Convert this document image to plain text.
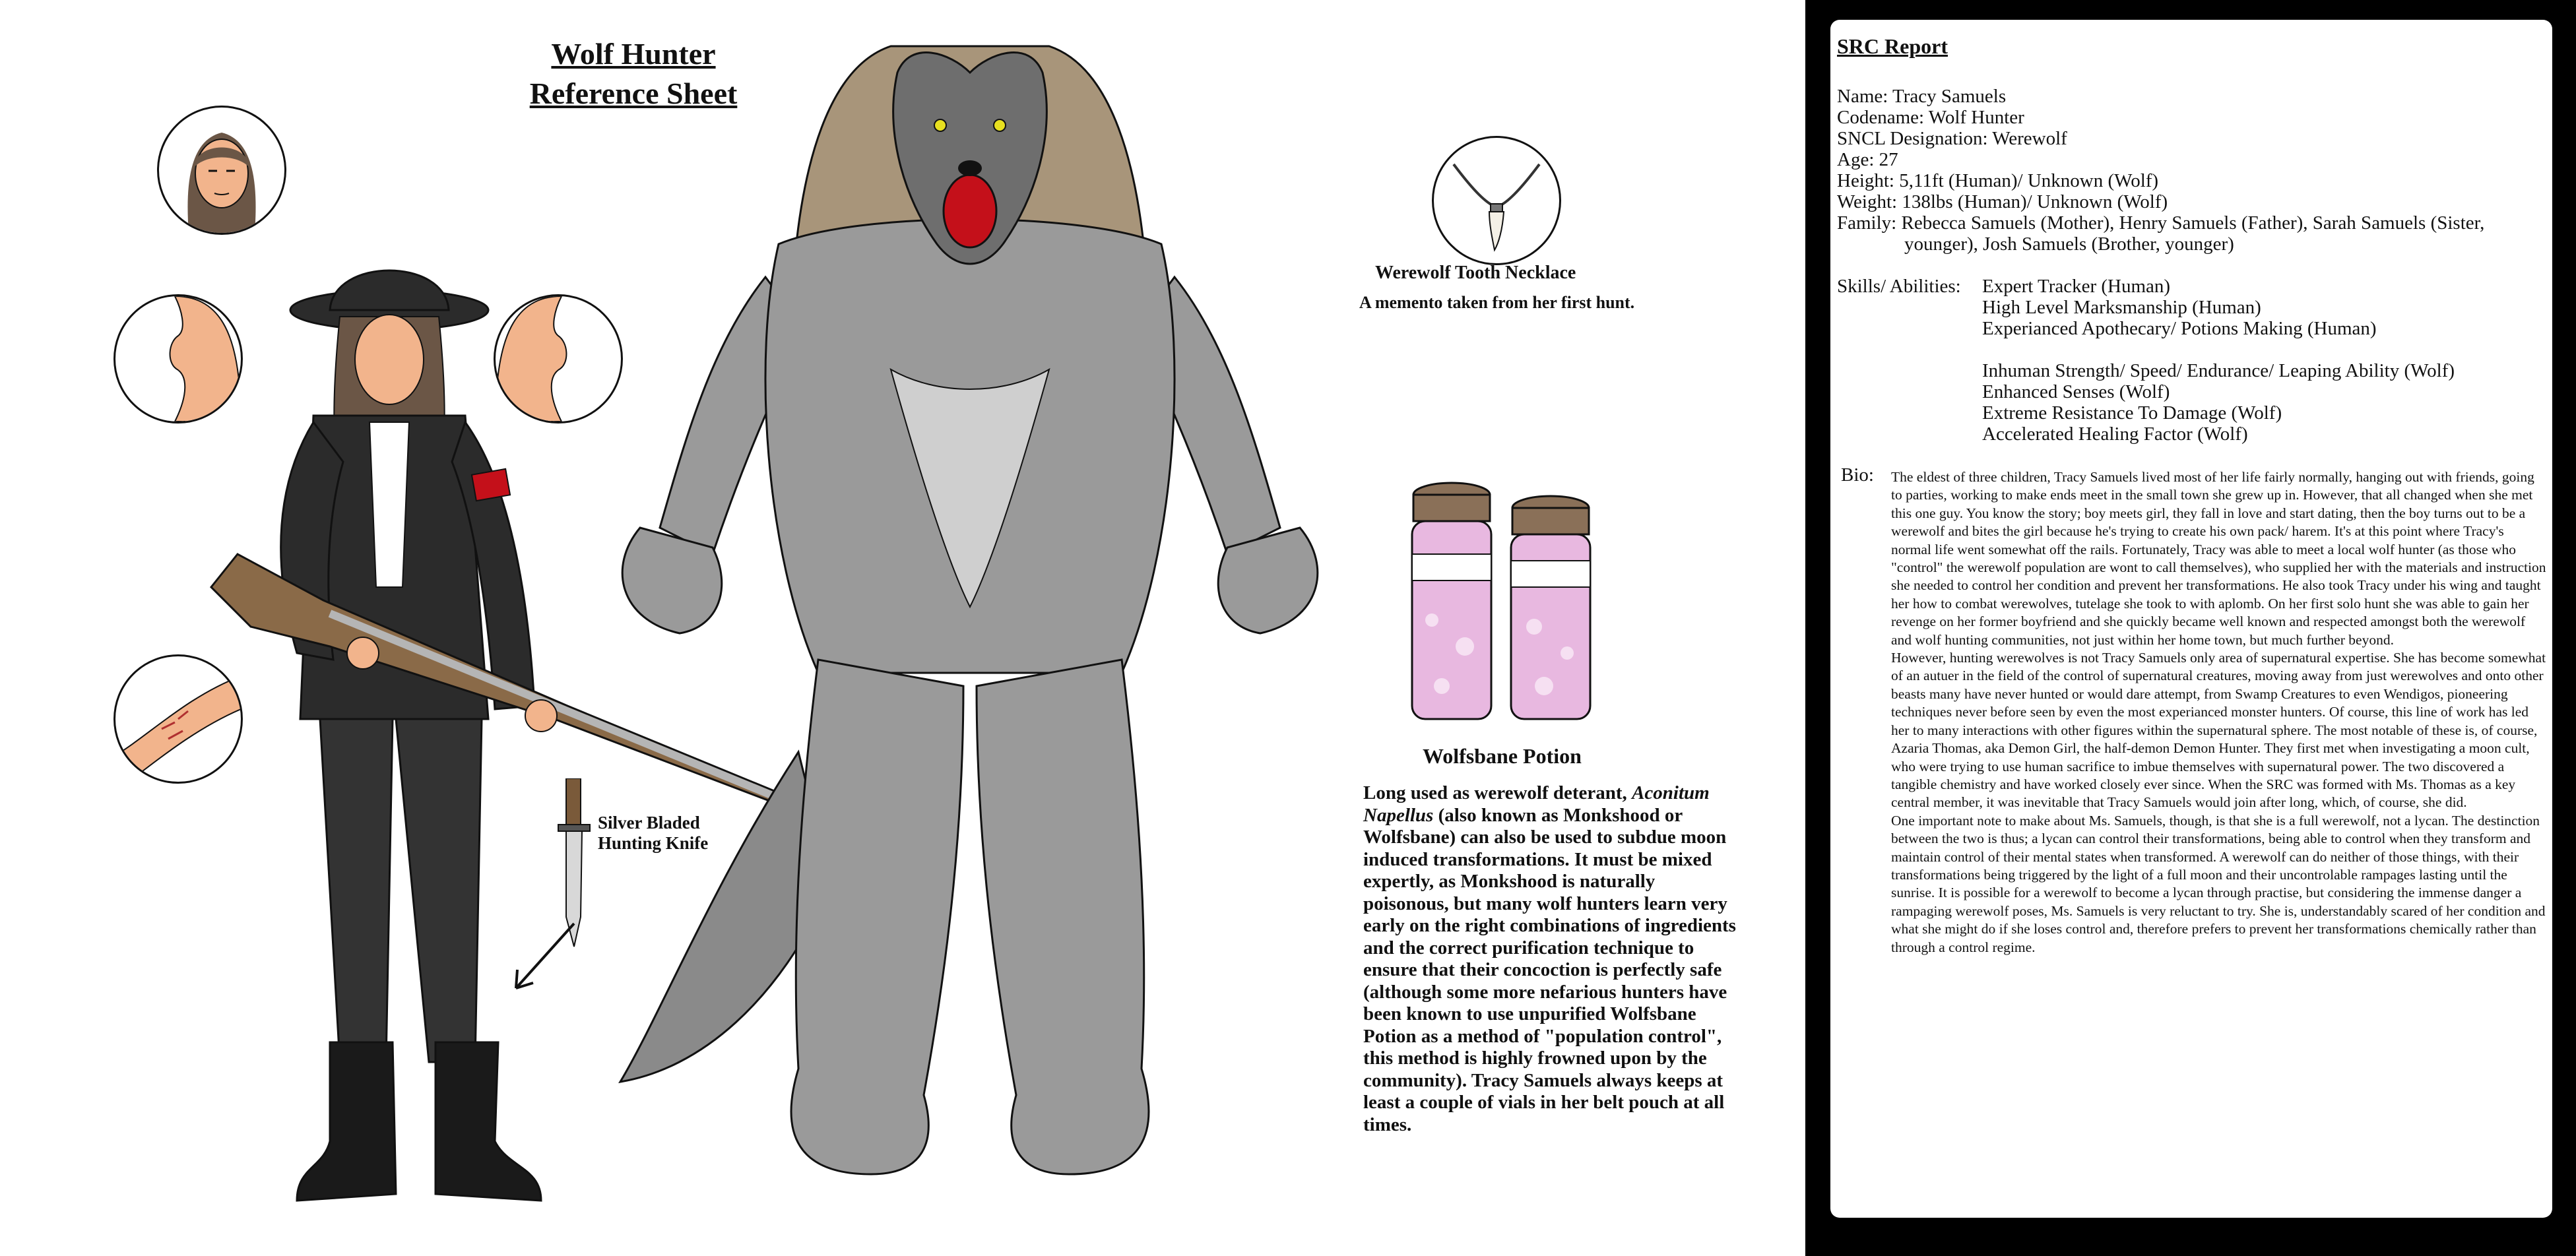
Wolf Hunter
Reference Sheet
Silver Bladed
Hunting Knife
Werewolf Tooth Necklace
A memento taken from her first hunt.
Wolfsbane Potion
Long used as werewolf deterant, Aconitum Napellus (also known as Monkshood or Wolfsbane) can also be used to subdue moon induced transformations. It must be mixed expertly, as Monkshood is naturally poisonous, but many wolf hunters learn very early on the right combinations of ingredients and the correct purification technique to ensure that their concoction is perfectly safe (although some more nefarious hunters have been known to use unpurified Wolfsbane Potion as a method of "population control", this method is highly frowned upon by the community). Tracy Samuels always keeps at least a couple of vials in her belt pouch at all times.
SRC Report
Name: Tracy Samuels
Codename: Wolf Hunter
SNCL Designation: Werewolf
Age: 27
Height: 5,11ft (Human)/ Unknown (Wolf)
Weight: 138lbs (Human)/ Unknown (Wolf)
Family: Rebecca Samuels (Mother), Henry Samuels (Father), Sarah Samuels (Sister,
younger), Josh Samuels (Brother, younger)
Skills/ Abilities: Expert Tracker (Human)
High Level Marksmanship (Human)
Experianced Apothecary/ Potions Making (Human)
Inhuman Strength/ Speed/ Endurance/ Leaping Ability (Wolf)
Enhanced Senses (Wolf)
Extreme Resistance To Damage (Wolf)
Accelerated Healing Factor (Wolf)
Bio: The eldest of three children, Tracy Samuels lived most of her life fairly normally, hanging out with friends, going to parties, working to make ends meet in the small town she grew up in. However, that all changed when she met this one guy. You know the story; boy meets girl, they fall in love and start dating, then the boy turns out to be a werewolf and bites the girl because he's trying to create his own pack/ harem. It's at this point where Tracy's normal life went somewhat off the rails. Fortunately, Tracy was able to meet a local wolf hunter (as those who "control" the werewolf population are wont to call themselves), who supplied her with the materials and instruction she needed to control her condition and prevent her transformations. He also took Tracy under his wing and taught her how to combat werewolves, tutelage she took to with aplomb. On her first solo hunt she was able to gain her revenge on her former boyfriend and she quickly became well known and respected amongst both the werewolf and wolf hunting communities, not just within her home town, but much further beyond.
However, hunting werewolves is not Tracy Samuels only area of supernatural expertise. She has become somewhat of an autuer in the field of the control of supernatural creatures, moving away from just werewolves and onto other beasts many have never hunted or would dare attempt, from Swamp Creatures to even Wendigos, pioneering techniques never before seen by even the most experianced monster hunters. Of course, this line of work has led her to many interactions with other figures within the supernatural sphere. The most notable of these is, of course, Azaria Thomas, aka Demon Girl, the half-demon Demon Hunter. They first met when investigating a moon cult, who were trying to use human sacrifice to imbue themselves with supernatural power. The two discovered a tangible chemistry and have worked closely ever since. When the SRC was formed with Ms. Thomas as a key central member, it was inevitable that Tracy Samuels would join after long, which, of course, she did.
One important note to make about Ms. Samuels, though, is that she is a full werewolf, not a lycan. The destinction between the two is thus; a lycan can control their transformations, being able to control when they transform and maintain control of their mental states when transformed. A werewolf can do neither of those things, with their transformations being triggered by the light of a full moon and their uncontrolable rampages lasting until the sunrise. It is possible for a werewolf to become a lycan through practise, but considering the immense danger a rampaging werewolf poses, Ms. Samuels is very reluctant to try. She is, understandably scared of her condition and what she might do if she loses control and, therefore prefers to prevent her transformations chemically rather than through a control regime.
